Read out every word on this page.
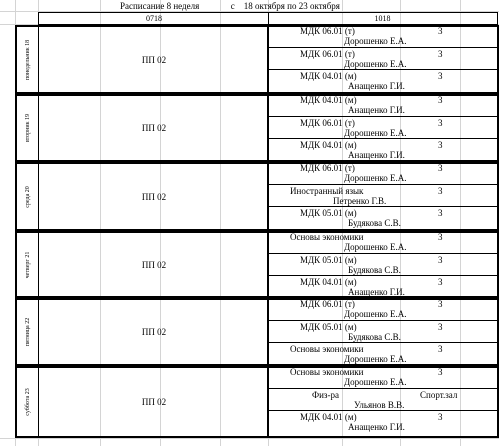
Расписание 8 неделя              с    18 октября по 23 октября
0718	1018
понедельник 18	ПП 02
МДК 06.01 (т)	3
Дорошенко Е.А.
МДК 06.01 (т)	3
Дорошенко Е.А.
МДК 04.01 (м)	3
Анащенко Г.И.
вторник 19	ПП 02
МДК 04.01 (м)	3
Анащенко Г.И.
МДК 06.01 (т)	3
Дорошенко Е.А.
МДК 04.01 (м)	3
Анащенко Г.И.
среда 20	ПП 02
МДК 06.01 (т)	3
Дорошенко Е.А.
Иностранный язык	3
Петренко Г.В.
МДК 05.01 (м)	3
Будякова С.В.
четверг 21	ПП 02
Основы экономики	3
Дорошенко Е.А.
МДК 05.01 (м)	3
Будякова С.В.
МДК 04.01 (м)	3
Анащенко Г.И.
пятница 22	ПП 02
МДК 06.01 (т)	3
Дорошенко Е.А.
МДК 05.01 (м)	3
Будякова С.В.
Основы экономики	3
Дорошенко Е.А.
суббота 23	ПП 02
Основы экономики	3
Дорошенко Е.А.
Физ-ра	Спорт.зал
Ульянов В.В.
МДК 04.01 (м)	3
Анащенко Г.И.
